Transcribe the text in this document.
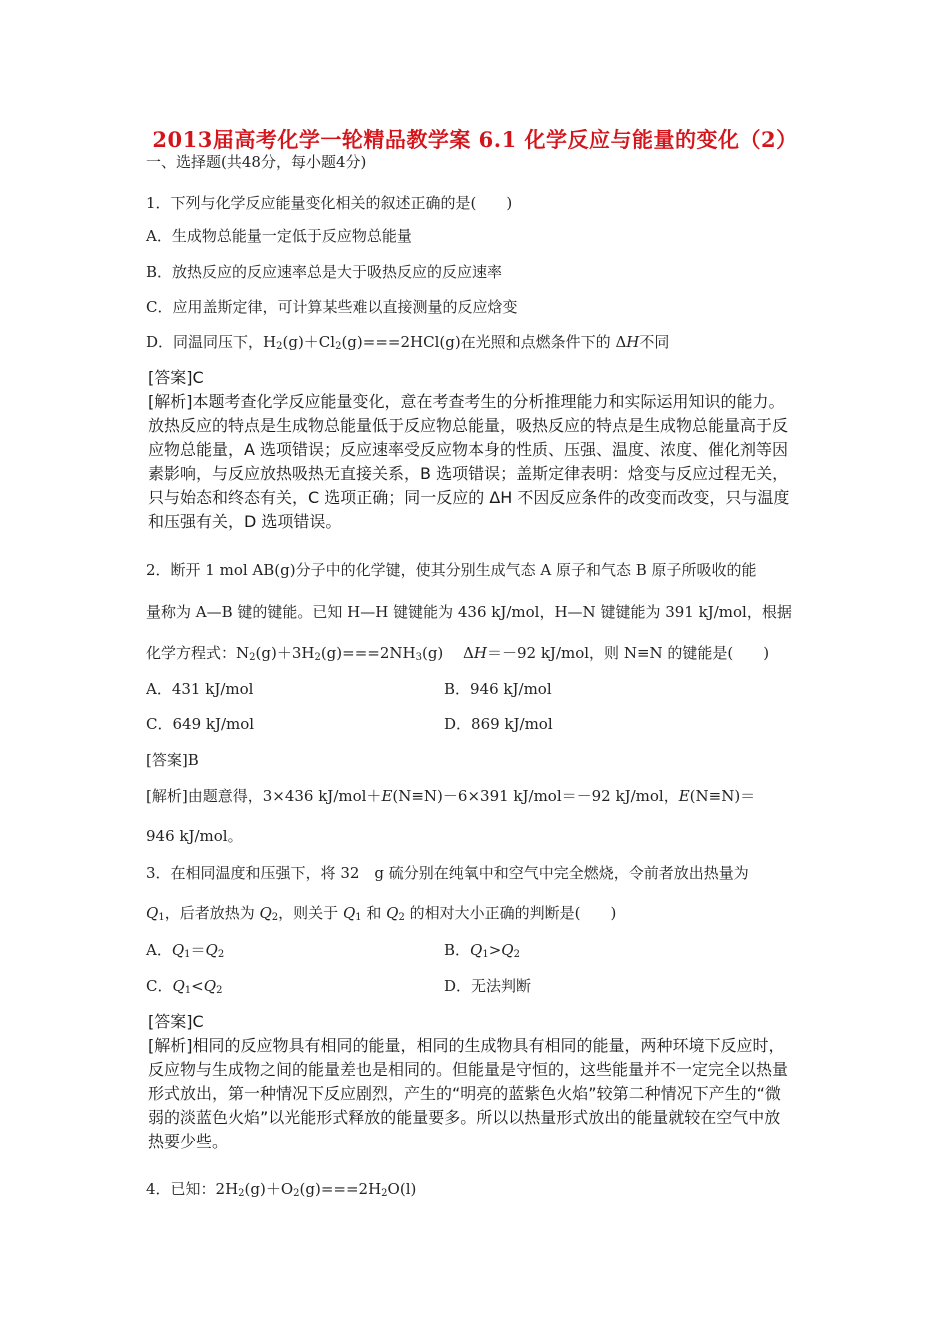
2013届高考化学一轮精品教学案 6.1 化学反应与能量的变化（2）
一、选择题(共48分，每小题4分)
1．下列与化学反应能量变化相关的叙述正确的是(　　)
A．生成物总能量一定低于反应物总能量
B．放热反应的反应速率总是大于吸热反应的反应速率
C．应用盖斯定律，可计算某些难以直接测量的反应焓变
D．同温同压下，$H_2(g)+Cl_2(g)===2HCl(g)$在光照和点燃条件下的 ΔH不同

[答案]C

[解析]本题考查化学反应能量变化，意在考查考生的分析推理能力和实际运用知识的能力。

放热反应的特点是生成物总能量低于反应物总能量，吸热反应的特点是生成物总能量高于反

应物总能量，A 选项错误；反应速率受反应物本身的性质、压强、温度、浓度、催化剂等因

素影响，与反应放热吸热无直接关系，B 选项错误；盖斯定律表明：焓变与反应过程无关，

只与始态和终态有关，C 选项正确；同一反应的 ΔH 不因反应条件的改变而改变，只与温度

和压强有关，D 选项错误。

2．断开 1 mol AB(g)分子中的化学键，使其分别生成气态 A 原子和气态 B 原子所吸收的能
量称为 A—B 键的键能。已知 H—H 键键能为 436 kJ/mol，H—N 键键能为 391 kJ/mol，根据
化学方程式：$N_2(g)+3H_2(g)===2NH_3(g)$　 ΔH＝－92 kJ/mol，则 N≡N 的键能是(　　)
A．431 kJ/mol	B．946 kJ/mol
C．649 kJ/mol	D．869 kJ/mol
[答案]B
[解析]由题意得，3×436 kJ/mol＋E(N≡N)－6×391 kJ/mol＝－92 kJ/mol，E(N≡N)＝
946 kJ/mol。
3．在相同温度和压强下，将 32　g 硫分别在纯氧中和空气中完全燃烧，令前者放出热量为
$Q_1$，后者放热为 $Q_2$，则关于 $Q_1$ 和 $Q_2$ 的相对大小正确的判断是(　　)
A．$Q_1=Q_2$	B．$Q_1>Q_2$
C．$Q_1<Q_2$	D．无法判断

[答案]C

[解析]相同的反应物具有相同的能量，相同的生成物具有相同的能量，两种环境下反应时，

反应物与生成物之间的能量差也是相同的。但能量是守恒的，这些能量并不一定完全以热量

形式放出，第一种情况下反应剧烈，产生的“明亮的蓝紫色火焰”较第二种情况下产生的“微

弱的淡蓝色火焰”以光能形式释放的能量要多。所以以热量形式放出的能量就较在空气中放

热要少些。

4．已知：$2H_2(g)+O_2(g)===2H_2O(l)$
